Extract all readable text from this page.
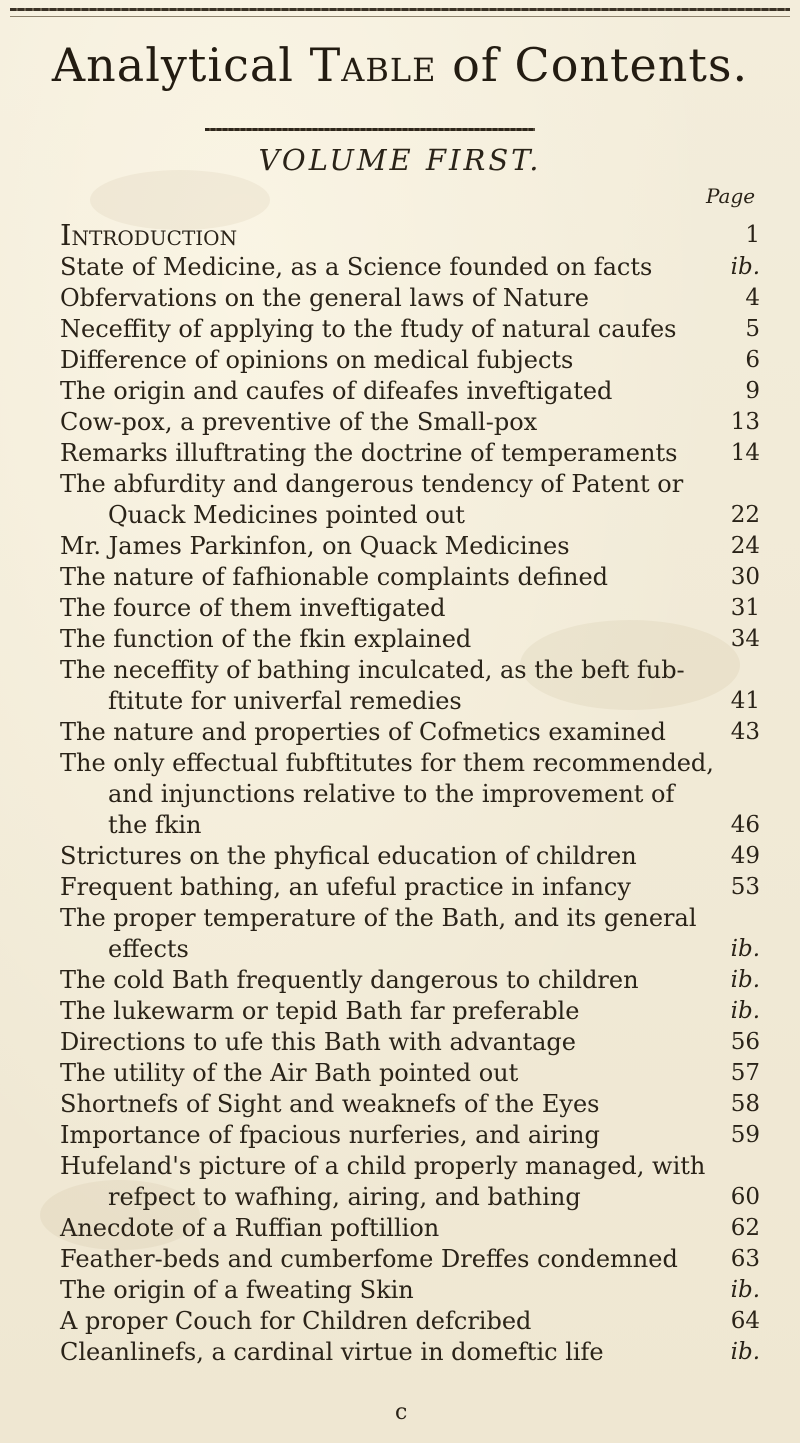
Analytical Table of Contents.
VOLUME FIRST.
Page
Introduction	1
State of Medicine, as a Science founded on facts	ib.
Obfervations on the general laws of Nature	4
Neceffity of applying to the ftudy of natural caufes	5
Difference of opinions on medical fubjects	6
The origin and caufes of difeafes inveftigated	9
Cow-pox, a preventive of the Small-pox	13
Remarks illuftrating the doctrine of temperaments	14
The abfurdity and dangerous tendency of Patent or
Quack Medicines pointed out	22
Mr. James Parkinfon, on Quack Medicines	24
The nature of fafhionable complaints defined	30
The fource of them inveftigated	31
The function of the fkin explained	34
The neceffity of bathing inculcated, as the beft fub-
ftitute for univerfal remedies	41
The nature and properties of Cofmetics examined	43
The only effectual fubftitutes for them recommended,
and injunctions relative to the improvement of
the fkin	46
Strictures on the phyfical education of children	49
Frequent bathing, an ufeful practice in infancy	53
The proper temperature of the Bath, and its general
effects	ib.
The cold Bath frequently dangerous to children	ib.
The lukewarm or tepid Bath far preferable	ib.
Directions to ufe this Bath with advantage	56
The utility of the Air Bath pointed out	57
Shortnefs of Sight and weaknefs of the Eyes	58
Importance of fpacious nurferies, and airing	59
Hufeland's picture of a child properly managed, with
refpect to wafhing, airing, and bathing	60
Anecdote of a Ruffian poftillion	62
Feather-beds and cumberfome Dreffes condemned	63
The origin of a fweating Skin	ib.
A proper Couch for Children defcribed	64
Cleanlinefs, a cardinal virtue in domeftic life	ib.
c
